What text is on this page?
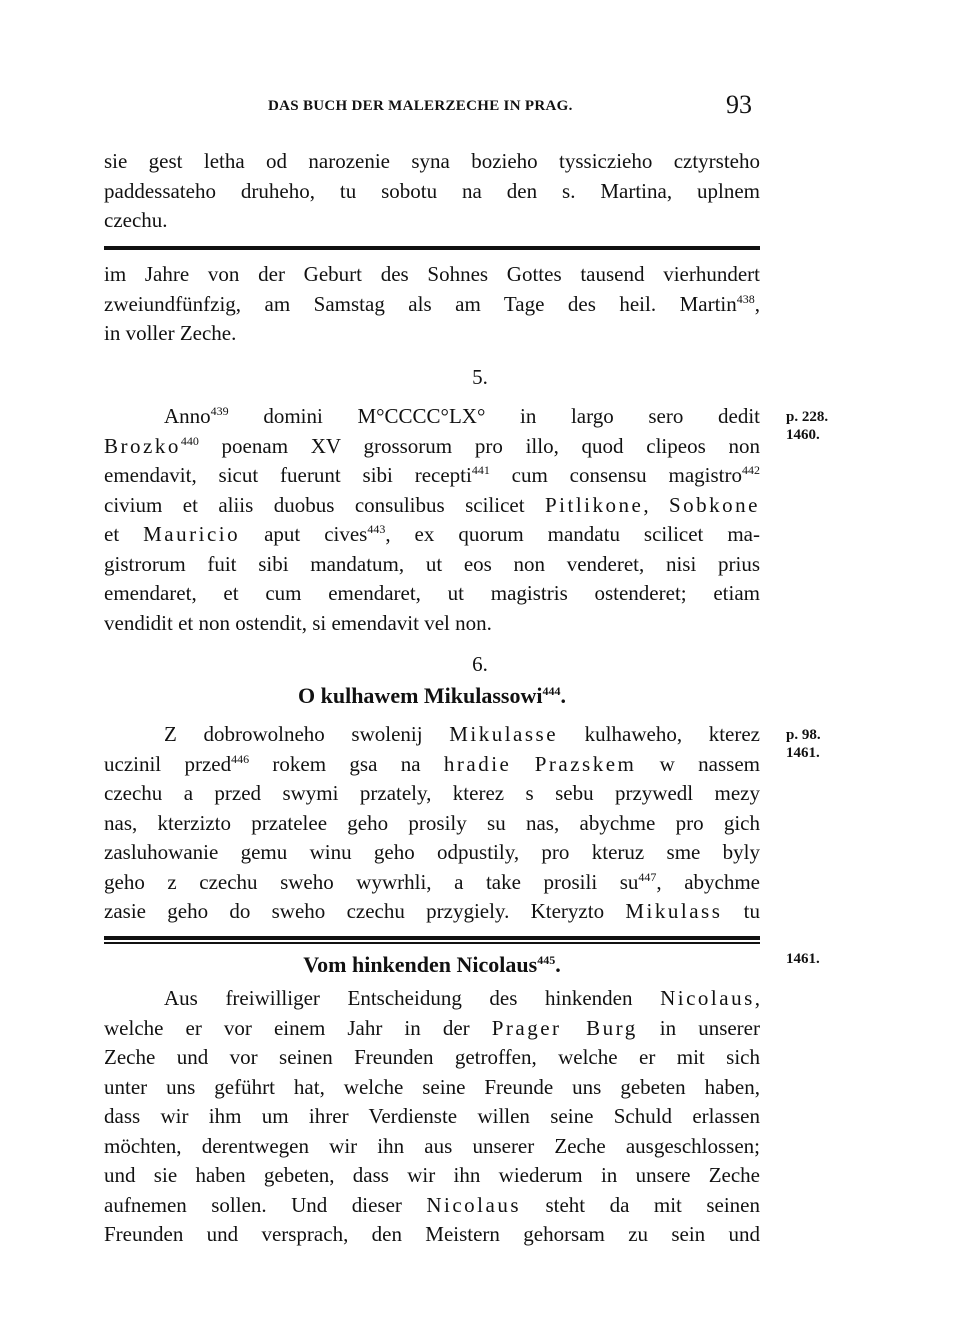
DAS BUCH DER MALERZECHE IN PRAG.	93

sie gest letha od narozenie syna bozieho tyssiczieho cztyrsteho

paddessateho druheho, tu sobotu na den s. Martina, uplnem

czechu.

im Jahre von der Geburt des Sohnes Gottes tausend vierhundert

zweiundfünfzig, am Samstag als am Tage des heil. Martin$^{438}$,

in voller Zeche.

5.

Anno$^{439}$ domini M°CCCC°LX° in largo sero dedit

Brozko$^{440}$ poenam XV grossorum pro illo, quod clipeos non

emendavit, sicut fuerunt sibi recepti$^{441}$ cum consensu magistro$^{442}$

civium et aliis duobus consulibus scilicet Pitlikone, Sobkone

et Mauricio aput cives$^{443}$, ex quorum mandatu scilicet ma-

gistrorum fuit sibi mandatum, ut eos non venderet, nisi prius

emendaret, et cum emendaret, ut magistris ostenderet; etiam

vendidit et non ostendit, si emendavit vel non.

p. 228.
1460.
6.
O kulhawem Mikulassowi$^{444}$.

Z dobrowolneho swolenij Mikulasse kulhaweho, kterez

uczinil przed$^{446}$ rokem gsa na hradie Prazskem w nassem

czechu a przed swymi przately, kterez s sebu przywedl mezy

nas, kterzizto przatelee geho prosily su nas, abychme pro gich

zasluhowanie gemu winu geho odpustily, pro kteruz sme byly

geho z czechu sweho wywrhli, a take prosili $su^{447}$, abychme

zasie geho do sweho czechu przygiely. Kteryzto Mikulass tu

p. 98.
1461.
Vom hinkenden Nicolaus$^{445}$.	1461.

Aus freiwilliger Entscheidung des hinkenden Nicolaus,

welche er vor einem Jahr in der Prager Burg in unserer

Zeche und vor seinen Freunden getroffen, welche er mit sich

unter uns geführt hat, welche seine Freunde uns gebeten haben,

dass wir ihm um ihrer Verdienste willen seine Schuld erlassen

möchten, derentwegen wir ihn aus unserer Zeche ausgeschlossen;

und sie haben gebeten, dass wir ihn wiederum in unsere Zeche

aufnemen sollen. Und dieser Nicolaus steht da mit seinen

Freunden und versprach, den Meistern gehorsam zu sein und
